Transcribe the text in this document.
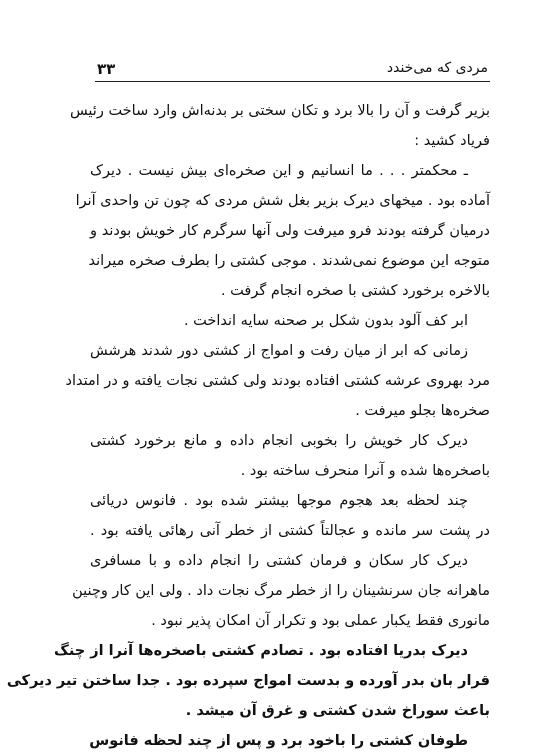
۳۳	مردی که می‌خندد
بزیر گرفت و آن را بالا برد و تکان سختی بر بدنه‌اش وارد ساخت رئیس
فریاد کشید :
ـ محکمتر . . . ما انسانیم و این صخره‌ای بیش نیست . دیرک
آماده بود . میخهای دیرک بزیر بغل شش مردی که چون تن واحدی آنرا
درمیان گرفته بودند فرو میرفت ولی آنها سرگرم کار خویش بودند و
متوجه این موضوع نمی‌شدند . موجی کشتی را بطرف صخره میراند
بالاخره برخورد کشتی با صخره انجام گرفت .
ابر کف آلود بدون شکل بر صحنه سایه انداخت .
زمانی که ابر از میان رفت و امواج از کشتی دور شدند هرشش
مرد بهروی عرشه کشتی افتاده بودند ولی کشتی نجات یافته و در امتداد
صخره‌ها بجلو میرفت .
دیرک کار خویش را بخوبی انجام داده و مانع برخورد کشتی
باصخره‌ها شده و آنرا منحرف ساخته بود .
چند لحظه بعد هجوم موجها بیشتر شده بود . فانوس دریائی
در پشت سر مانده و عجالتاً کشتی از خطر آنی رهائی یافته بود .
دیرک کار سکان و فرمان کشتی را انجام داده و با مسافری
ماهرانه جان سرنشینان را از خطر مرگ نجات داد . ولی این کار وچنین
مانوری فقط یکبار عملی بود و تکرار آن امکان پذیر نبود .
دیرک بدریا افتاده بود . تصادم کشتی باصخره‌ها آنرا از چنگ
قرار بان بدر آورده و بدست امواج سپرده بود . جدا ساختن تیر دیرکی
باعث سوراخ شدن کشتی و غرق آن میشد .
طوفان کشتی را باخود برد و پس از چند لحظه فانوس
